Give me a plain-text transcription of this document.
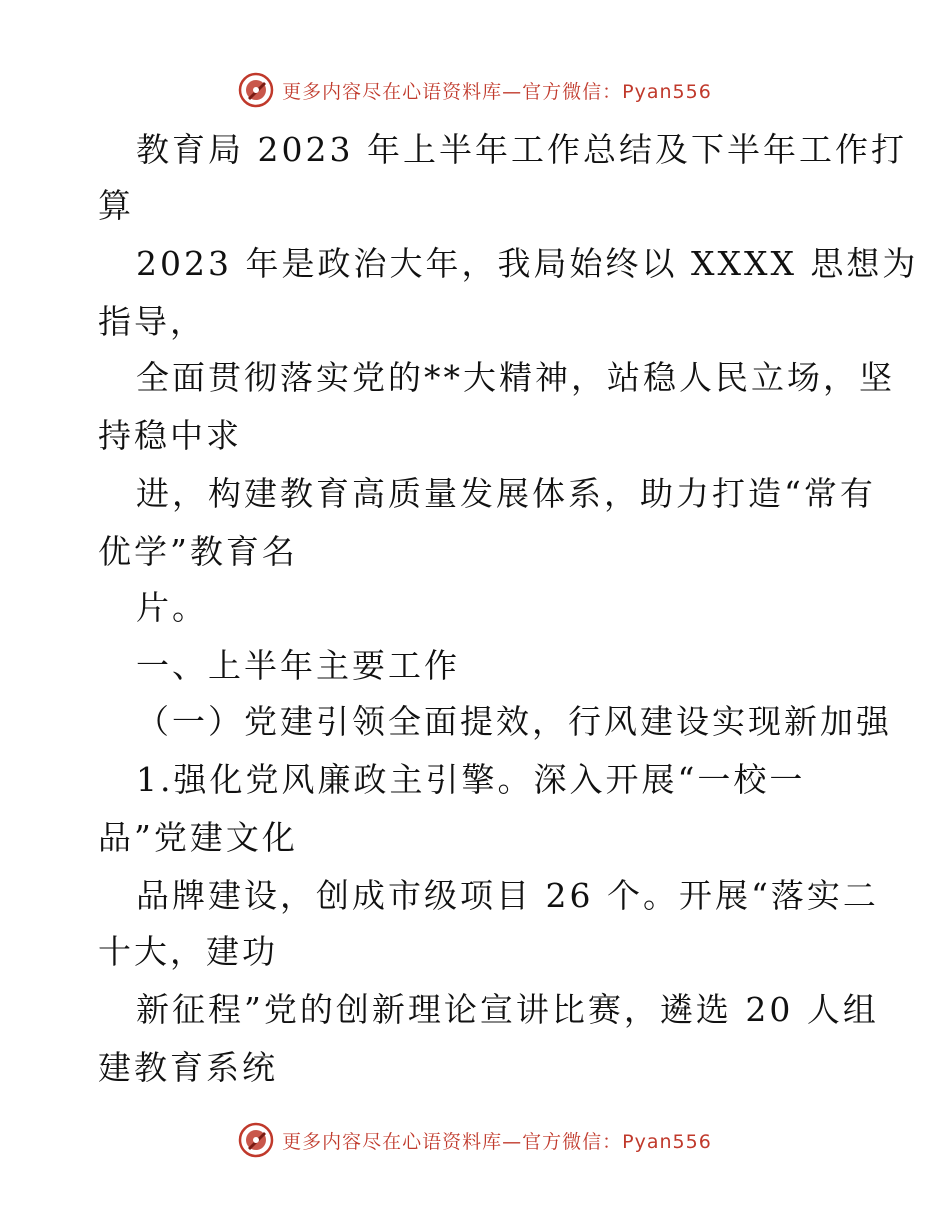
更多内容尽在心语资料库—官方微信：Pyan556
教育局 2023 年上半年工作总结及下半年工作打
算
2023 年是政治大年，我局始终以 XXXX 思想为
指导，
全面贯彻落实党的**大精神，站稳人民立场，坚
持稳中求
进，构建教育高质量发展体系，助力打造“常有
优学”教育名
片。
一、上半年主要工作
（一）党建引领全面提效，行风建设实现新加强
1.强化党风廉政主引擎。深入开展“一校一
品”党建文化
品牌建设，创成市级项目 26 个。开展“落实二
十大，建功
新征程”党的创新理论宣讲比赛，遴选 20 人组
建教育系统
更多内容尽在心语资料库—官方微信：Pyan556
